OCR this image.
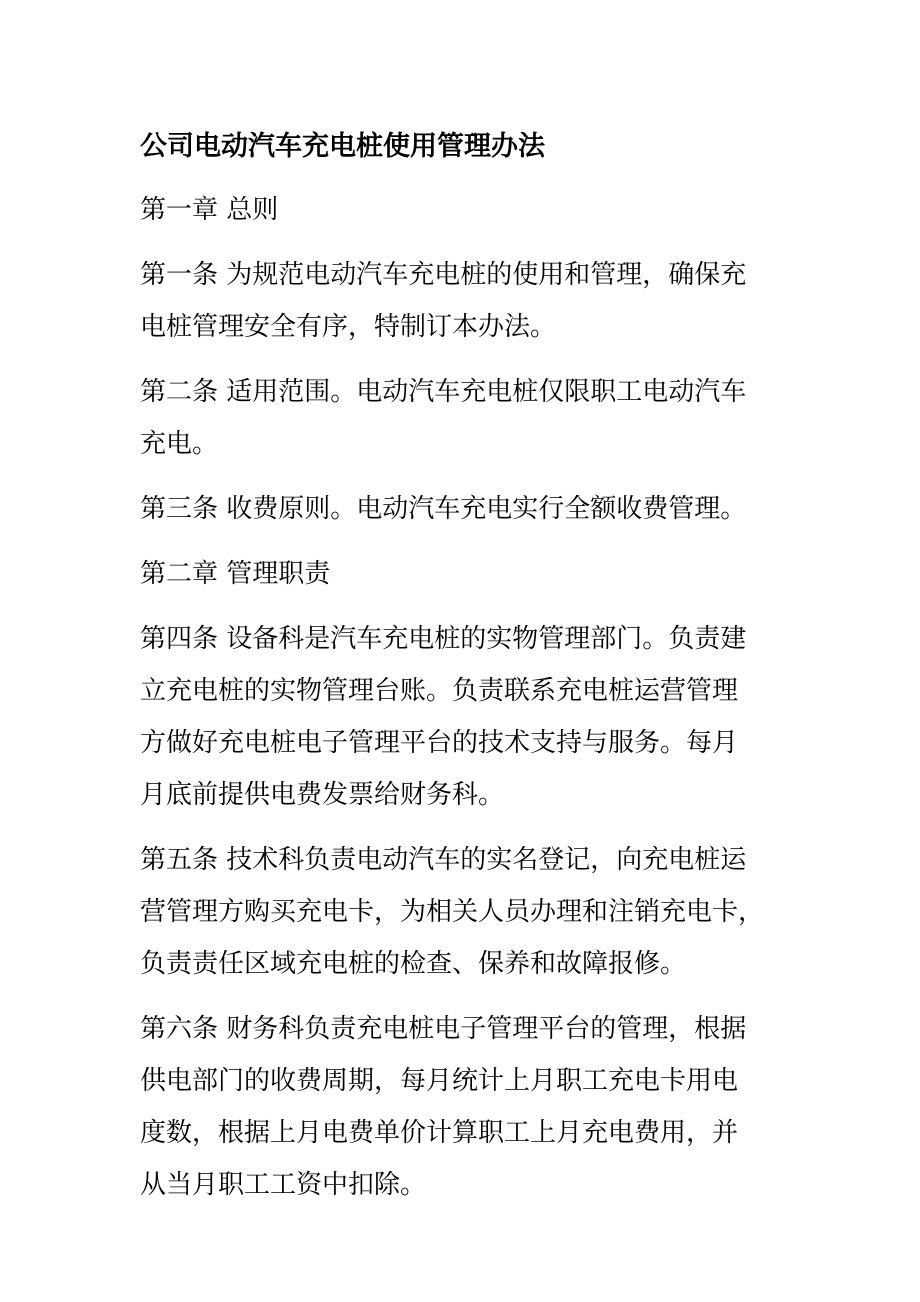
公司电动汽车充电桩使用管理办法
第一章 总则
第一条 为规范电动汽车充电桩的使用和管理，确保充
电桩管理安全有序，特制订本办法。
第二条 适用范围。电动汽车充电桩仅限职工电动汽车
充电。
第三条 收费原则。电动汽车充电实行全额收费管理。
第二章 管理职责
第四条 设备科是汽车充电桩的实物管理部门。负责建
立充电桩的实物管理台账。负责联系充电桩运营管理
方做好充电桩电子管理平台的技术支持与服务。每月
月底前提供电费发票给财务科。
第五条 技术科负责电动汽车的实名登记，向充电桩运
营管理方购买充电卡，为相关人员办理和注销充电卡，
负责责任区域充电桩的检查、保养和故障报修。
第六条 财务科负责充电桩电子管理平台的管理，根据
供电部门的收费周期，每月统计上月职工充电卡用电
度数，根据上月电费单价计算职工上月充电费用，并
从当月职工工资中扣除。
